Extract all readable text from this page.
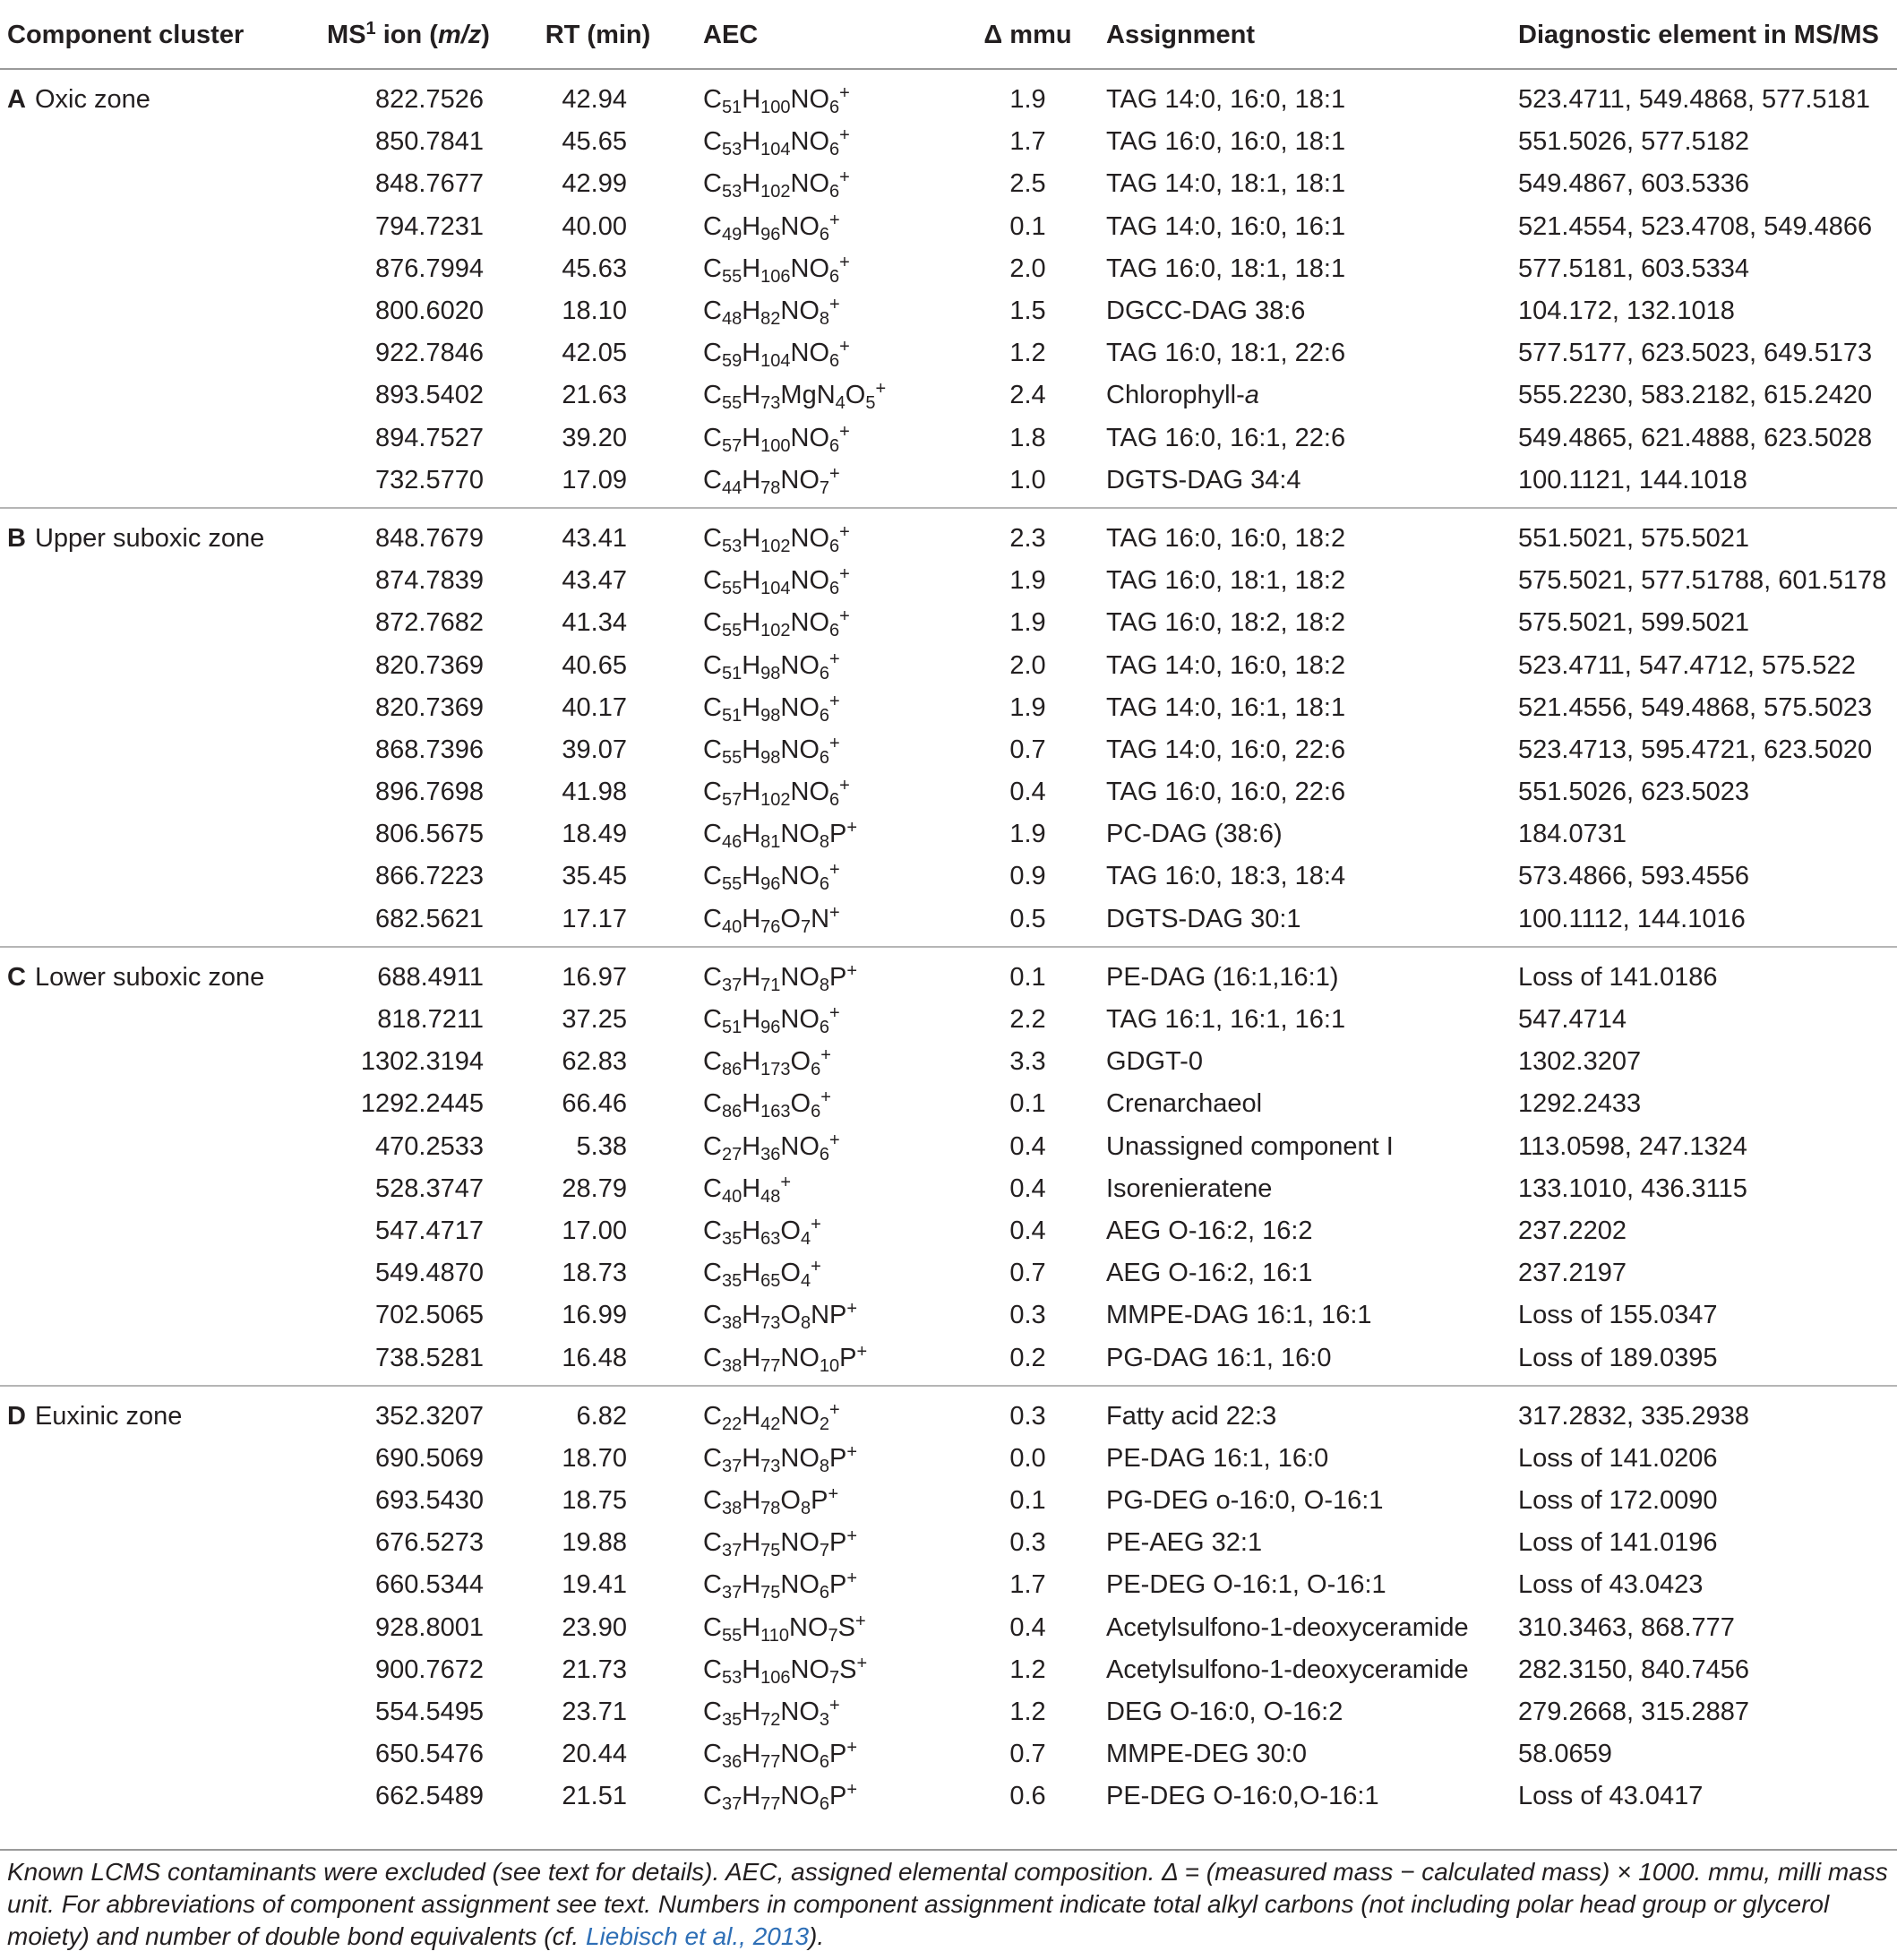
Component cluster	$MS^1$ ion (m/z)	RT (min)	AEC	Δ mmu	Assignment	Diagnostic element in MS/MS
A Oxic zone	822.7526	42.94	$C_{51}H_{100}NO_6^+$	1.9	TAG 14:0, 16:0, 18:1	523.4711, 549.4868, 577.5181
	850.7841	45.65	$C_{53}H_{104}NO_6^+$	1.7	TAG 16:0, 16:0, 18:1	551.5026, 577.5182
	848.7677	42.99	$C_{53}H_{102}NO_6^+$	2.5	TAG 14:0, 18:1, 18:1	549.4867, 603.5336
	794.7231	40.00	$C_{49}H_{96}NO_6^+$	0.1	TAG 14:0, 16:0, 16:1	521.4554, 523.4708, 549.4866
	876.7994	45.63	$C_{55}H_{106}NO_6^+$	2.0	TAG 16:0, 18:1, 18:1	577.5181, 603.5334
	800.6020	18.10	$C_{48}H_{82}NO_8^+$	1.5	DGCC-DAG 38:6	104.172, 132.1018
	922.7846	42.05	$C_{59}H_{104}NO_6^+$	1.2	TAG 16:0, 18:1, 22:6	577.5177, 623.5023, 649.5173
	893.5402	21.63	$C_{55}H_{73}MgN_4O_5^+$	2.4	Chlorophyll-a	555.2230, 583.2182, 615.2420
	894.7527	39.20	$C_{57}H_{100}NO_6^+$	1.8	TAG 16:0, 16:1, 22:6	549.4865, 621.4888, 623.5028
	732.5770	17.09	$C_{44}H_{78}NO_7^+$	1.0	DGTS-DAG 34:4	100.1121, 144.1018
B Upper suboxic zone	848.7679	43.41	$C_{53}H_{102}NO_6^+$	2.3	TAG 16:0, 16:0, 18:2	551.5021, 575.5021
	874.7839	43.47	$C_{55}H_{104}NO_6^+$	1.9	TAG 16:0, 18:1, 18:2	575.5021, 577.51788, 601.5178
	872.7682	41.34	$C_{55}H_{102}NO_6^+$	1.9	TAG 16:0, 18:2, 18:2	575.5021, 599.5021
	820.7369	40.65	$C_{51}H_{98}NO_6^+$	2.0	TAG 14:0, 16:0, 18:2	523.4711, 547.4712, 575.522
	820.7369	40.17	$C_{51}H_{98}NO_6^+$	1.9	TAG 14:0, 16:1, 18:1	521.4556, 549.4868, 575.5023
	868.7396	39.07	$C_{55}H_{98}NO_6^+$	0.7	TAG 14:0, 16:0, 22:6	523.4713, 595.4721, 623.5020
	896.7698	41.98	$C_{57}H_{102}NO_6^+$	0.4	TAG 16:0, 16:0, 22:6	551.5026, 623.5023
	806.5675	18.49	$C_{46}H_{81}NO_8P^+$	1.9	PC-DAG (38:6)	184.0731
	866.7223	35.45	$C_{55}H_{96}NO_6^+$	0.9	TAG 16:0, 18:3, 18:4	573.4866, 593.4556
	682.5621	17.17	$C_{40}H_{76}O_7N^+$	0.5	DGTS-DAG 30:1	100.1112, 144.1016
C Lower suboxic zone	688.4911	16.97	$C_{37}H_{71}NO_8P^+$	0.1	PE-DAG (16:1,16:1)	Loss of 141.0186
	818.7211	37.25	$C_{51}H_{96}NO_6^+$	2.2	TAG 16:1, 16:1, 16:1	547.4714
	1302.3194	62.83	$C_{86}H_{173}O_6^+$	3.3	GDGT-0	1302.3207
	1292.2445	66.46	$C_{86}H_{163}O_6^+$	0.1	Crenarchaeol	1292.2433
	470.2533	5.38	$C_{27}H_{36}NO_6^+$	0.4	Unassigned component I	113.0598, 247.1324
	528.3747	28.79	$C_{40}H_{48}^+$	0.4	Isorenieratene	133.1010, 436.3115
	547.4717	17.00	$C_{35}H_{63}O_4^+$	0.4	AEG O-16:2, 16:2	237.2202
	549.4870	18.73	$C_{35}H_{65}O_4^+$	0.7	AEG O-16:2, 16:1	237.2197
	702.5065	16.99	$C_{38}H_{73}O_8NP^+$	0.3	MMPE-DAG 16:1, 16:1	Loss of 155.0347
	738.5281	16.48	$C_{38}H_{77}NO_{10}P^+$	0.2	PG-DAG 16:1, 16:0	Loss of 189.0395
D Euxinic zone	352.3207	6.82	$C_{22}H_{42}NO_2^+$	0.3	Fatty acid 22:3	317.2832, 335.2938
	690.5069	18.70	$C_{37}H_{73}NO_8P^+$	0.0	PE-DAG 16:1, 16:0	Loss of 141.0206
	693.5430	18.75	$C_{38}H_{78}O_8P^+$	0.1	PG-DEG o-16:0, O-16:1	Loss of 172.0090
	676.5273	19.88	$C_{37}H_{75}NO_7P^+$	0.3	PE-AEG 32:1	Loss of 141.0196
	660.5344	19.41	$C_{37}H_{75}NO_6P^+$	1.7	PE-DEG O-16:1, O-16:1	Loss of 43.0423
	928.8001	23.90	$C_{55}H_{110}NO_7S^+$	0.4	Acetylsulfono-1-deoxyceramide	310.3463, 868.777
	900.7672	21.73	$C_{53}H_{106}NO_7S^+$	1.2	Acetylsulfono-1-deoxyceramide	282.3150, 840.7456
	554.5495	23.71	$C_{35}H_{72}NO_3^+$	1.2	DEG O-16:0, O-16:2	279.2668, 315.2887
	650.5476	20.44	$C_{36}H_{77}NO_6P^+$	0.7	MMPE-DEG 30:0	58.0659
	662.5489	21.51	$C_{37}H_{77}NO_6P^+$	0.6	PE-DEG O-16:0,O-16:1	Loss of 43.0417
Known LCMS contaminants were excluded (see text for details). AEC, assigned elemental composition. Δ = (measured mass − calculated mass) × 1000. mmu, milli mass unit. For abbreviations of component assignment see text. Numbers in component assignment indicate total alkyl carbons (not including polar head group or glycerol moiety) and number of double bond equivalents (cf. Liebisch et al., 2013).
